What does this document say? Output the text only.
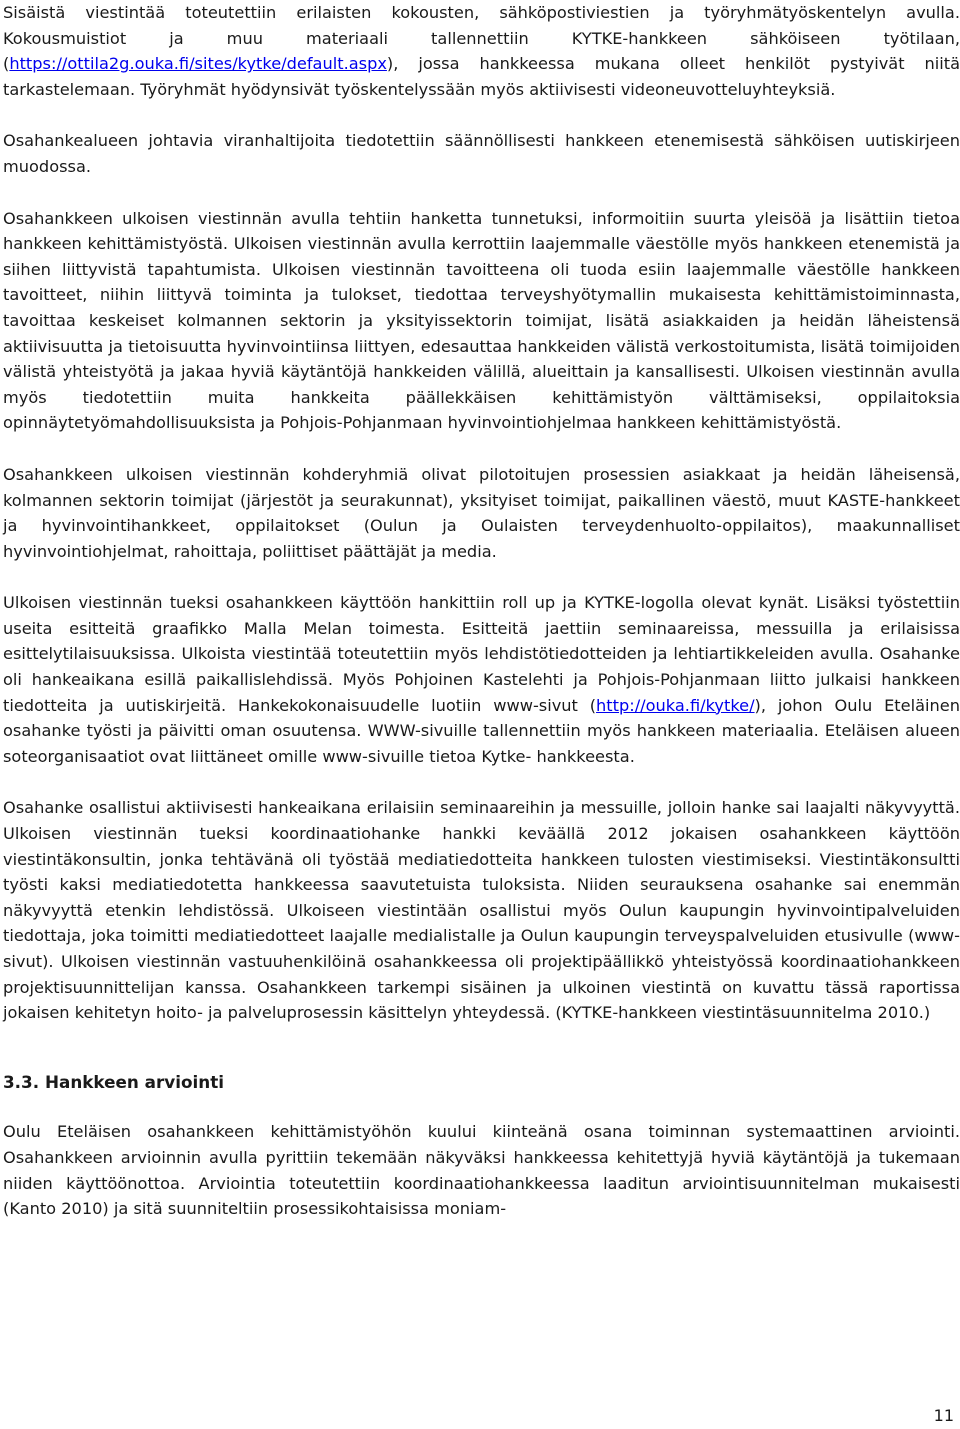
Sisäistä viestintää toteutettiin erilaisten kokousten, sähköpostiviestien ja työryhmätyöskentelyn avulla. Kokousmuistiot ja muu materiaali tallennettiin KYTKE-hankkeen sähköiseen työtilaan, (https://ottila2g.ouka.fi/sites/kytke/default.aspx), jossa hankkeessa mukana olleet henkilöt pystyivät niitä tarkastelemaan. Työryhmät hyödynsivät työskentelyssään myös aktiivisesti videoneuvotteluyhteyksiä.

Osahankealueen johtavia viranhaltijoita tiedotettiin säännöllisesti hankkeen etenemisestä sähköisen uutiskirjeen muodossa.

Osahankkeen ulkoisen viestinnän avulla tehtiin hanketta tunnetuksi, informoitiin suurta yleisöä ja lisättiin tietoa hankkeen kehittämistyöstä. Ulkoisen viestinnän avulla kerrottiin laajemmalle väestölle myös hankkeen etenemistä ja siihen liittyvistä tapahtumista. Ulkoisen viestinnän tavoitteena oli tuoda esiin laajemmalle väestölle hankkeen tavoitteet, niihin liittyvä toiminta ja tulokset, tiedottaa terveyshyötymallin mukaisesta kehittämistoiminnasta, tavoittaa keskeiset kolmannen sektorin ja yksityissektorin toimijat, lisätä asiakkaiden ja heidän läheistensä aktiivisuutta ja tietoisuutta hyvinvointiinsa liittyen, edesauttaa hankkeiden välistä verkostoitumista, lisätä toimijoiden välistä yhteistyötä ja jakaa hyviä käytäntöjä hankkeiden välillä, alueittain ja kansallisesti. Ulkoisen viestinnän avulla myös tiedotettiin muita hankkeita päällekkäisen kehittämistyön välttämiseksi, oppilaitoksia opinnäytetyömahdollisuuksista ja Pohjois-Pohjanmaan hyvinvointiohjelmaa hankkeen kehittämistyöstä.

Osahankkeen ulkoisen viestinnän kohderyhmiä olivat pilotoitujen prosessien asiakkaat ja heidän läheisensä, kolmannen sektorin toimijat (järjestöt ja seurakunnat), yksityiset toimijat, paikallinen väestö, muut KASTE-hankkeet ja hyvinvointihankkeet, oppilaitokset (Oulun ja Oulaisten terveydenhuolto-oppilaitos), maakunnalliset hyvinvointiohjelmat, rahoittaja, poliittiset päättäjät ja media.

Ulkoisen viestinnän tueksi osahankkeen käyttöön hankittiin roll up ja KYTKE-logolla olevat kynät. Lisäksi työstettiin useita esitteitä graafikko Malla Melan toimesta. Esitteitä jaettiin seminaareissa, messuilla ja erilaisissa esittelytilaisuuksissa. Ulkoista viestintää toteutettiin myös lehdistötiedotteiden ja lehtiartikkeleiden avulla. Osahanke oli hankeaikana esillä paikallislehdissä. Myös Pohjoinen Kastelehti ja Pohjois-Pohjanmaan liitto julkaisi hankkeen tiedotteita ja uutiskirjeitä. Hankekokonaisuudelle luotiin www-sivut (http://ouka.fi/kytke/), johon Oulu Eteläinen osahanke työsti ja päivitti oman osuutensa. WWW-sivuille tallennettiin myös hankkeen materiaalia. Eteläisen alueen soteorganisaatiot ovat liittäneet omille www-sivuille tietoa Kytke- hankkeesta.

Osahanke osallistui aktiivisesti hankeaikana erilaisiin seminaareihin ja messuille, jolloin hanke sai laajalti näkyvyyttä. Ulkoisen viestinnän tueksi koordinaatiohanke hankki keväällä 2012 jokaisen osahankkeen käyttöön viestintäkonsultin, jonka tehtävänä oli työstää mediatiedotteita hankkeen tulosten viestimiseksi. Viestintäkonsultti työsti kaksi mediatiedotetta hankkeessa saavutetuista tuloksista. Niiden seurauksena osahanke sai enemmän näkyvyyttä etenkin lehdistössä. Ulkoiseen viestintään osallistui myös Oulun kaupungin hyvinvointipalveluiden tiedottaja, joka toimitti mediatiedotteet laajalle medialistalle ja Oulun kaupungin terveyspalveluiden etusivulle (www-sivut). Ulkoisen viestinnän vastuuhenkilöinä osahankkeessa oli projektipäällikkö yhteistyössä koordinaatiohankkeen projektisuunnittelijan kanssa. Osahankkeen tarkempi sisäinen ja ulkoinen viestintä on kuvattu tässä raportissa jokaisen kehitetyn hoito- ja palveluprosessin käsittelyn yhteydessä. (KYTKE-hankkeen viestintäsuunnitelma 2010.)

3.3. Hankkeen arviointi

Oulu Eteläisen osahankkeen kehittämistyöhön kuului kiinteänä osana toiminnan systemaattinen arviointi. Osahankkeen arvioinnin avulla pyrittiin tekemään näkyväksi hankkeessa kehitettyjä hyviä käytäntöjä ja tukemaan niiden käyttöönottoa. Arviointia toteutettiin koordinaatiohankkeessa laaditun arviointisuunnitelman mukaisesti (Kanto 2010) ja sitä suunniteltiin prosessikohtaisissa moniam-

11
